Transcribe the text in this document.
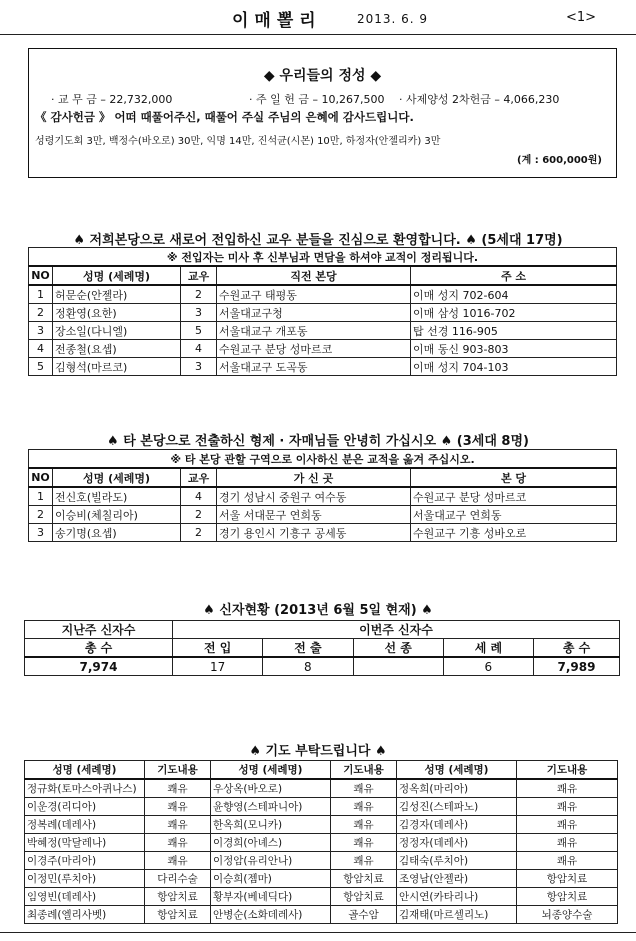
이매뽈리	2013. 6. 9	<1>
◆ 우리들의 정성 ◆
· 교 무 금 – 22,732,000	· 주 일 헌 금 – 10,267,500 · 사제양성 2차헌금 – 4,066,230
《 감사헌금 》 어떠 때풀어주신, 때풀어 주실 주님의 은혜에 감사드립니다.
성령기도회 3만, 백정수(바오로) 30만, 익명 14만, 진석균(시몬) 10만, 하정자(안젤리카) 3만
(계 : 600,000원)
♠ 저희본당으로 새로어 전입하신 교우 분들을 진심으로 환영합니다. ♠ (5세대 17명)
※ 전입자는 미사 후 신부님과 면담을 하셔야 교적이 정리됩니다.				
NO	성명 (세례명)	교우	직전 본당	주 소
1	허문순(안젤라)	2	수원교구 태평동	이매 성지 702-604
2	정환영(요한)	3	서울대교구청	이매 삼성 1016-702
3	장소일(다니엘)	5	서울대교구 개포동	탑 선경 116-905
4	전종철(요셉)	4	수원교구 분당 성마르코	이매 동신 903-803
5	김형석(마르코)	3	서울대교구 도곡동	이매 성지 704-103
♠ 타 본당으로 전출하신 형제 · 자매님들 안녕히 가십시오 ♠ (3세대 8명)
※ 타 본당 관할 구역으로 이사하신 분은 교적을 옮겨 주십시오.				
NO	성명 (세례명)	교우	가 신 곳	본 당
1	전신호(빌라도)	4	경기 성남시 중원구 여수동	수원교구 분당 성마르코
2	이승비(체칠리아)	2	서울 서대문구 연희동	서울대교구 연희동
3	송기명(요셉)	2	경기 용인시 기흥구 공세동	수원교구 기흥 성바오로
♠ 신자현황 (2013년 6월 5일 현재) ♠
지난주 신자수	이번주 신자수				
총 수	전 입	전 출	선 종	세 례	총 수
7,974	17	8		6	7,989
♠ 기도 부탁드립니다 ♠
성명 (세례명)	기도내용	성명 (세례명)	기도내용	성명 (세례명)	기도내용
정규화(토마스아퀴나스)	쾌유	우상옥(바오로)	쾌유	정옥희(마리아)	쾌유
이운경(리디아)	쾌유	윤향영(스테파니아)	쾌유	김성진(스테파노)	쾌유
정복례(데레사)	쾌유	한옥희(모니카)	쾌유	김경자(데레사)	쾌유
박혜정(막달레나)	쾌유	이경희(아녜스)	쾌유	정정자(데레사)	쾌유
이경주(마리아)	쾌유	이정암(유리안나)	쾌유	김태숙(루치아)	쾌유
이정민(루치아)	다리수술	이승희(젬마)	항암치료	조영남(안젤라)	항암치료
임영빈(데레사)	항암치료	황부자(베네딕다)	항암치료	안시연(카타리나)	항암치료
최종례(엘리사벳)	항암치료	안병순(소화데레사)	골수암	김재태(마르셀리노)	뇌종양수술
